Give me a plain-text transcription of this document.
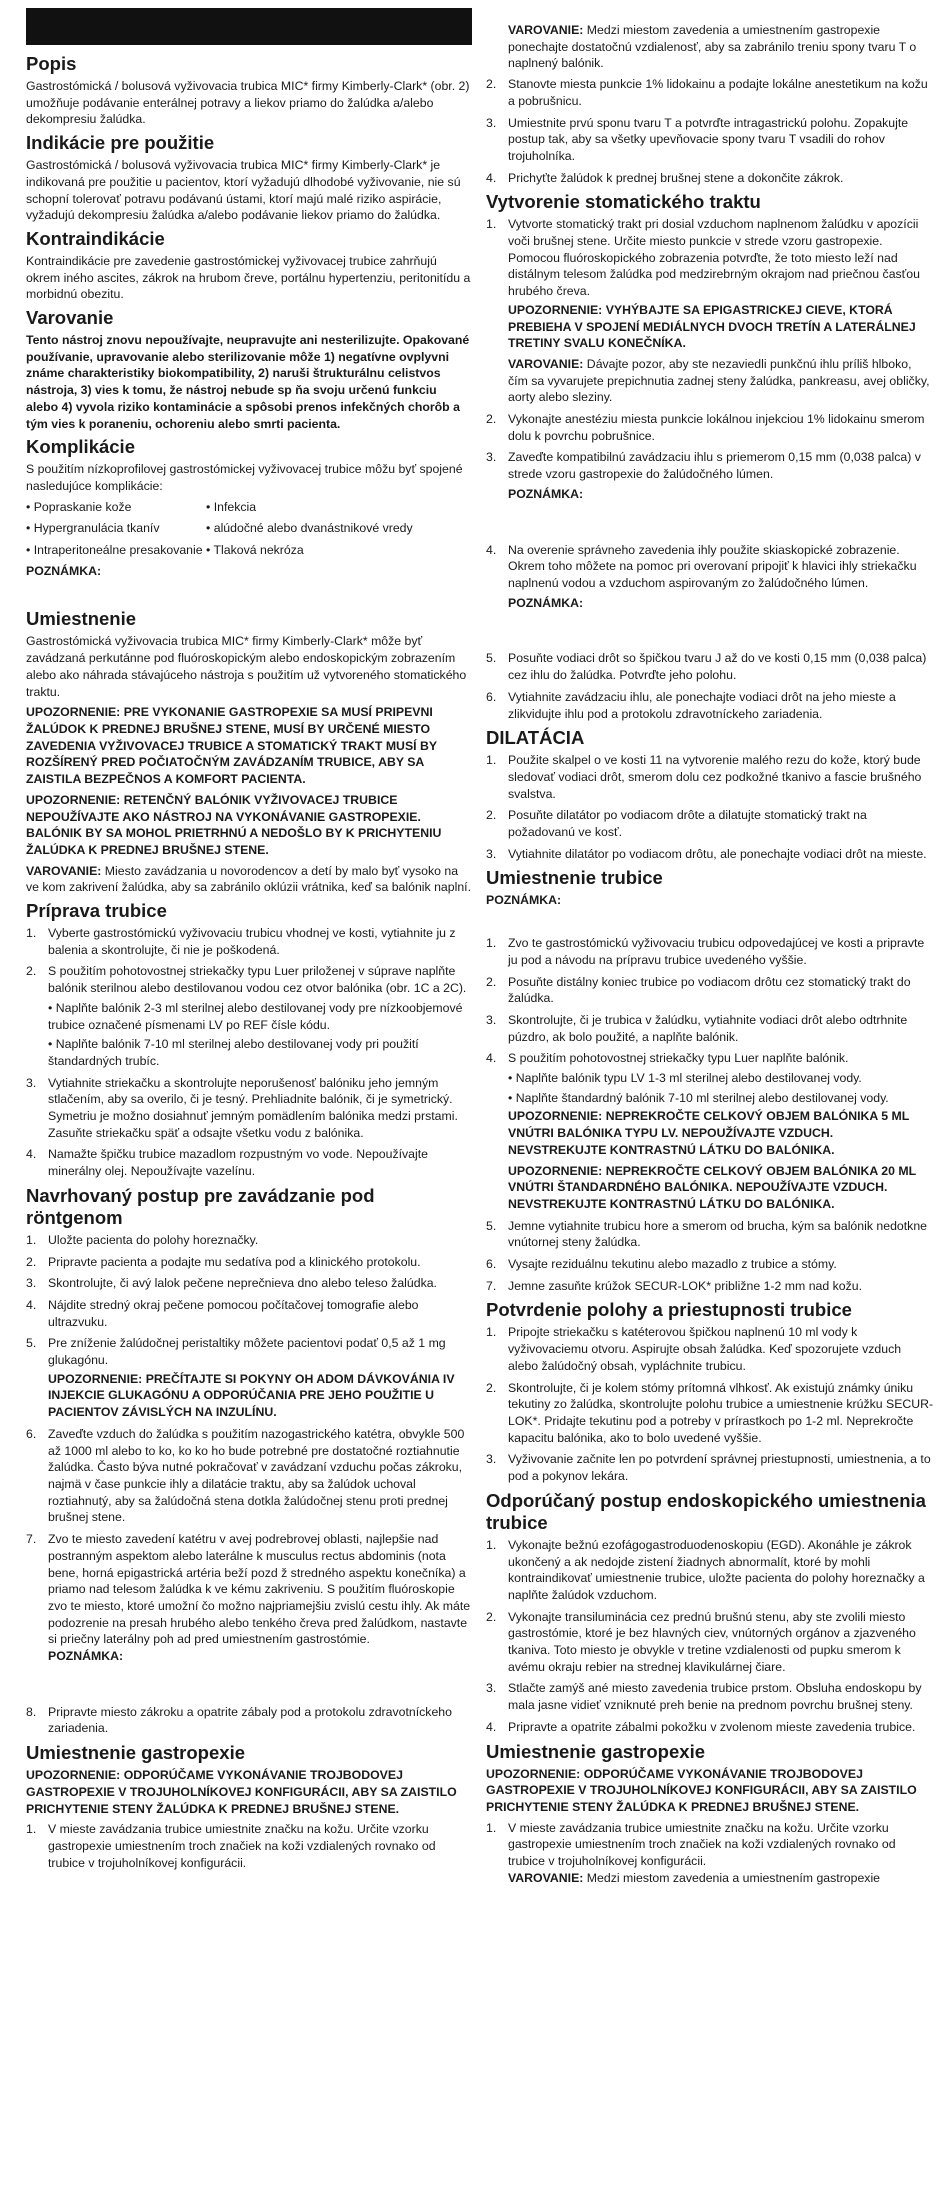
Popis

Gastrostómická / bolusová vyživovacia trubica MIC* firmy Kimberly-Clark* (obr. 2) umožňuje podávanie enterálnej potravy a liekov priamo do žalúdka a/alebo dekompresiu žalúdka.

Indikácie pre použitie

Gastrostómická / bolusová vyživovacia trubica MIC* firmy Kimberly-Clark* je indikovaná pre použitie u pacientov, ktorí vyžadujú dlhodobé vyživovanie, nie sú schopní tolerovať potravu podávanú ústami, ktorí majú malé riziko aspirácie, vyžadujú dekompresiu žalúdka a/alebo podávanie liekov priamo do žalúdka.

Kontraindikácie

Kontraindikácie pre zavedenie gastrostómickej vyživovacej trubice zahrňujú okrem iného ascites, zákrok na hrubom čreve, portálnu hypertenziu, peritonitídu a morbidnú obezitu.

Varovanie

Tento nástroj znovu nepoužívajte, neupravujte ani nesterilizujte. Opakované používanie, upravovanie alebo sterilizovanie môže 1) negatívne ovplyvni známe charakteristiky biokompatibility, 2) naruši štrukturálnu celistvos nástroja, 3) vies k tomu, že nástroj nebude sp ňa svoju určenú funkciu alebo 4) vyvola riziko kontaminácie a spôsobi prenos infekčných chorôb a tým vies k poraneniu, ochoreniu alebo smrti pacienta.

Komplikácie

S použitím nízkoprofilovej gastrostómickej vyživovacej trubice môžu byť spojené nasledujúce komplikácie:

• Popraskanie kože	• Infekcia
• Hypergranulácia tkanív	• alúdočné alebo dvanástnikové vredy
• Intraperitoneálne presakovanie • Tlaková nekróza

POZNÁMKA:

Umiestnenie

Gastrostómická vyživovacia trubica MIC* firmy Kimberly-Clark* môže byť zavádzaná perkutánne pod fluóroskopickým alebo endoskopickým zobrazením alebo ako náhrada stávajúceho nástroja s použitím už vytvoreného stomatického traktu.

UPOZORNENIE: PRE VYKONANIE GASTROPEXIE SA MUSÍ PRIPEVNI ŽALÚDOK K PREDNEJ BRUŠNEJ STENE, MUSÍ BY URČENÉ MIESTO ZAVEDENIA VYŽIVOVACEJ TRUBICE A STOMATICKÝ TRAKT MUSÍ BY ROZŠÍRENÝ PRED POČIATOČNÝM ZAVÁDZANÍM TRUBICE, ABY SA ZAISTILA BEZPEČNOS A KOMFORT PACIENTA.

UPOZORNENIE: RETENČNÝ BALÓNIK VYŽIVOVACEJ TRUBICE NEPOUŽÍVAJTE AKO NÁSTROJ NA VYKONÁVANIE GASTROPEXIE. BALÓNIK BY SA MOHOL PRIETRHNÚ A NEDOŠLO BY K PRICHYTENIU ŽALÚDKA K PREDNEJ BRUŠNEJ STENE.

VAROVANIE: Miesto zavádzania u novorodencov a detí by malo byť vysoko na ve kom zakrivení žalúdka, aby sa zabránilo oklúzii vrátnika, keď sa balónik naplní.

Príprava trubice
1. Vyberte gastrostómickú vyživovaciu trubicu vhodnej ve kosti, vytiahnite ju z balenia a skontrolujte, či nie je poškodená.
2. S použitím pohotovostnej striekačky typu Luer priloženej v súprave naplňte balónik sterilnou alebo destilovanou vodou cez otvor balónika (obr. 1C a 2C).
• Naplňte balónik 2-3 ml sterilnej alebo destilovanej vody pre nízkoobjemové trubice označené písmenami LV po REF čísle kódu.
• Naplňte balónik 7-10 ml sterilnej alebo destilovanej vody pri použití štandardných trubíc.
3. Vytiahnite striekačku a skontrolujte neporušenosť balóniku jeho jemným stlačením, aby sa overilo, či je tesný. Prehliadnite balónik, či je symetrický. Symetriu je možno dosiahnuť jemným pomädlením balónika medzi prstami. Zasuňte striekačku späť a odsajte všetku vodu z balónika.
4. Namažte špičku trubice mazadlom rozpustným vo vode. Nepoužívajte minerálny olej. Nepoužívajte vazelínu.
Navrhovaný postup pre zavádzanie pod röntgenom
1. Uložte pacienta do polohy horeznačky.
2. Pripravte pacienta a podajte mu sedatíva pod a klinického protokolu.
3. Skontrolujte, či avý lalok pečene neprečnieva dno alebo teleso žalúdka.
4. Nájdite stredný okraj pečene pomocou počítačovej tomografie alebo ultrazvuku.
5. Pre zníženie žalúdočnej peristaltiky môžete pacientovi podať 0,5 až 1 mg glukagónu.
UPOZORNENIE: PREČÍTAJTE SI POKYNY OH ADOM DÁVKOVÁNIA IV INJEKCIE GLUKAGÓNU A ODPORÚČANIA PRE JEHO POUŽITIE U PACIENTOV ZÁVISLÝCH NA INZULÍNU.
6. Zaveďte vzduch do žalúdka s použitím nazogastrického katétra, obvykle 500 až 1000 ml alebo to ko, ko ko ho bude potrebné pre dostatočné roztiahnutie žalúdka. Často býva nutné pokračovať v zavádzaní vzduchu počas zákroku, najmä v čase punkcie ihly a dilatácie traktu, aby sa žalúdok uchoval roztiahnutý, aby sa žalúdočná stena dotkla žalúdočnej stenu proti prednej brušnej stene.
7. Zvo te miesto zavedení katétru v avej podrebrovej oblasti, najlepšie nad postranným aspektom alebo laterálne k musculus rectus abdominis (nota bene, horná epigastrická artéria beží pozd ž stredného aspektu konečníka) a priamo nad telesom žalúdka k ve kému zakriveniu. S použitím fluóroskopie zvo te miesto, ktoré umožní čo možno najpriamejšiu zvislú cestu ihly. Ak máte podozrenie na presah hrubého alebo tenkého čreva pred žalúdkom, nastavte si priečny laterálny poh ad pred umiestnením gastrostómie.
POZNÁMKA:
8. Pripravte miesto zákroku a opatrite zábaly pod a protokolu zdravotníckeho zariadenia.
Umiestnenie gastropexie

UPOZORNENIE: ODPORÚČAME VYKONÁVANIE TROJBODOVEJ GASTROPEXIE V TROJUHOLNÍKOVEJ KONFIGURÁCII, ABY SA ZAISTILO PRICHYTENIE STENY ŽALÚDKA K PREDNEJ BRUŠNEJ STENE.

1. V mieste zavádzania trubice umiestnite značku na kožu. Určite vzorku gastropexie umiestnením troch značiek na koži vzdialených rovnako od trubice v trojuholníkovej konfigurácii.

VAROVANIE: Medzi miestom zavedenia a umiestnením gastropexie ponechajte dostatočnú vzdialenosť, aby sa zabránilo treniu spony tvaru T o naplnený balónik.

2. Stanovte miesta punkcie 1% lidokainu a podajte lokálne anestetikum na kožu a pobrušnicu.
3. Umiestnite prvú sponu tvaru T a potvrďte intragastrickú polohu. Zopakujte postup tak, aby sa všetky upevňovacie spony tvaru T vsadili do rohov trojuholníka.
4. Prichyťte žalúdok k prednej brušnej stene a dokončite zákrok.
Vytvorenie stomatického traktu
1. Vytvorte stomatický trakt pri dosial vzduchom naplnenom žalúdku v apozícii voči brušnej stene. Určite miesto punkcie v strede vzoru gastropexie. Pomocou fluóroskopického zobrazenia potvrďte, že toto miesto leží nad distálnym telesom žalúdka pod medzirebrným okrajom nad priečnou časťou hrubého čreva.
UPOZORNENIE: VYHÝBAJTE SA EPIGASTRICKEJ CIEVE, KTORÁ PREBIEHA V SPOJENÍ MEDIÁLNYCH DVOCH TRETÍN A LATERÁLNEJ TRETINY SVALU KONEČNÍKA.
VAROVANIE: Dávajte pozor, aby ste nezaviedli punkčnú ihlu príliš hlboko, čím sa vyvarujete prepichnutia zadnej steny žalúdka, pankreasu, avej obličky, aorty alebo sleziny.
2. Vykonajte anestéziu miesta punkcie lokálnou injekciou 1% lidokainu smerom dolu k povrchu pobrušnice.
3. Zaveďte kompatibilnú zavádzaciu ihlu s priemerom 0,15 mm (0,038 palca) v strede vzoru gastropexie do žalúdočného lúmen.
POZNÁMKA:
4. Na overenie správneho zavedenia ihly použite skiaskopické zobrazenie. Okrem toho môžete na pomoc pri overovaní pripojiť k hlavici ihly striekačku naplnenú vodou a vzduchom aspirovaným zo žalúdočného lúmen.
POZNÁMKA:
5. Posuňte vodiaci drôt so špičkou tvaru J až do ve kosti 0,15 mm (0,038 palca) cez ihlu do žalúdka. Potvrďte jeho polohu.
6. Vytiahnite zavádzaciu ihlu, ale ponechajte vodiaci drôt na jeho mieste a zlikvidujte ihlu pod a protokolu zdravotníckeho zariadenia.
DILATÁCIA
1. Použite skalpel o ve kosti 11 na vytvorenie malého rezu do kože, ktorý bude sledovať vodiaci drôt, smerom dolu cez podkožné tkanivo a fascie brušného svalstva.
2. Posuňte dilatátor po vodiacom drôte a dilatujte stomatický trakt na požadovanú ve kosť.
3. Vytiahnite dilatátor po vodiacom drôtu, ale ponechajte vodiaci drôt na mieste.
Umiestnenie trubice

POZNÁMKA:

1. Zvo te gastrostómickú vyživovaciu trubicu odpovedajúcej ve kosti a pripravte ju pod a návodu na prípravu trubice uvedeného vyššie.
2. Posuňte distálny koniec trubice po vodiacom drôtu cez stomatický trakt do žalúdka.
3. Skontrolujte, či je trubica v žalúdku, vytiahnite vodiaci drôt alebo odtrhnite púzdro, ak bolo použité, a naplňte balónik.
4. S použitím pohotovostnej striekačky typu Luer naplňte balónik.
• Naplňte balónik typu LV 1-3 ml sterilnej alebo destilovanej vody.
• Naplňte štandardný balónik 7-10 ml sterilnej alebo destilovanej vody.
UPOZORNENIE: NEPREKROČTE CELKOVÝ OBJEM BALÓNIKA 5 ML VNÚTRI BALÓNIKA TYPU LV. NEPOUŽÍVAJTE VZDUCH. NEVSTREKUJTE KONTRASTNÚ LÁTKU DO BALÓNIKA.
UPOZORNENIE: NEPREKROČTE CELKOVÝ OBJEM BALÓNIKA 20 ML VNÚTRI ŠTANDARDNÉHO BALÓNIKA. NEPOUŽÍVAJTE VZDUCH. NEVSTREKUJTE KONTRASTNÚ LÁTKU DO BALÓNIKA.
5. Jemne vytiahnite trubicu hore a smerom od brucha, kým sa balónik nedotkne vnútornej steny žalúdka.
6. Vysajte reziduálnu tekutinu alebo mazadlo z trubice a stómy.
7. Jemne zasuňte krúžok SECUR-LOK* približne 1-2 mm nad kožu.
Potvrdenie polohy a priestupnosti trubice
1. Pripojte striekačku s katéterovou špičkou naplnenú 10 ml vody k vyživovaciemu otvoru. Aspirujte obsah žalúdka. Keď spozorujete vzduch alebo žalúdočný obsah, vypláchnite trubicu.
2. Skontrolujte, či je kolem stómy prítomná vlhkosť. Ak existujú známky úniku tekutiny zo žalúdka, skontrolujte polohu trubice a umiestnenie krúžku SECUR-LOK*. Pridajte tekutinu pod a potreby v prírastkoch po 1-2 ml. Neprekročte kapacitu balónika, ako to bolo uvedené vyššie.
3. Vyživovanie začnite len po potvrdení správnej priestupnosti, umiestnenia, a to pod a pokynov lekára.
Odporúčaný postup endoskopického umiestnenia trubice
1. Vykonajte bežnú ezofágogastroduodenoskopiu (EGD). Akonáhle je zákrok ukončený a ak nedojde zistení žiadnych abnormalít, ktoré by mohli kontraindikovať umiestnenie trubice, uložte pacienta do polohy horeznačky a naplňte žalúdok vzduchom.
2. Vykonajte transiluminácia cez prednú brušnú stenu, aby ste zvolili miesto gastrostómie, ktoré je bez hlavných ciev, vnútorných orgánov a zjazveného tkaniva. Toto miesto je obvykle v tretine vzdialenosti od pupku smerom k avému okraju rebier na strednej klavikulárnej čiare.
3. Stlačte zamýš ané miesto zavedenia trubice prstom. Obsluha endoskopu by mala jasne vidieť vzniknuté preh benie na prednom povrchu brušnej steny.
4. Pripravte a opatrite zábalmi pokožku v zvolenom mieste zavedenia trubice.
Umiestnenie gastropexie

UPOZORNENIE: ODPORÚČAME VYKONÁVANIE TROJBODOVEJ GASTROPEXIE V TROJUHOLNÍKOVEJ KONFIGURÁCII, ABY SA ZAISTILO PRICHYTENIE STENY ŽALÚDKA K PREDNEJ BRUŠNEJ STENE.

1. V mieste zavádzania trubice umiestnite značku na kožu. Určite vzorku gastropexie umiestnením troch značiek na koži vzdialených rovnako od trubice v trojuholníkovej konfigurácii.
VAROVANIE: Medzi miestom zavedenia a umiestnením gastropexie
